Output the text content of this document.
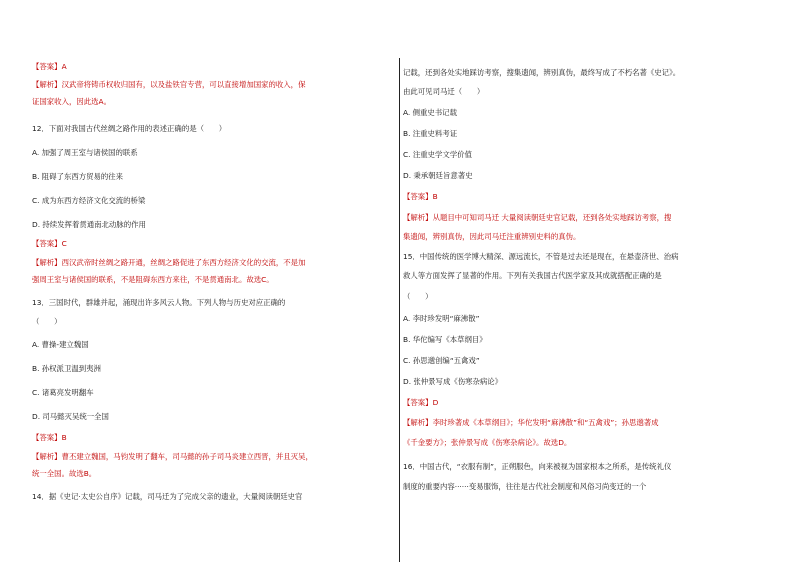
【答案】A
【解析】汉武帝将铸币权收归国有，以及盐铁官专营，可以直接增加国家的收入，保
证国家收入，因此选A。
12．下面对我国古代丝绸之路作用的表述正确的是（　　）
A. 加强了周王室与诸侯国的联系
B. 阻碍了东西方贸易的往来
C. 成为东西方经济文化交流的桥梁
D. 持续发挥着贯通南北动脉的作用
【答案】C
【解析】西汉武帝时丝绸之路开通，丝绸之路促进了东西方经济文化的交流，不是加
强周王室与诸侯国的联系，不是阻碍东西方来往，不是贯通南北。故选C。
13．三国时代，群雄并起，涌现出许多风云人物。下列人物与历史对应正确的
（　　）
A. 曹操-建立魏国
B. 孙权派卫温到夷洲
C. 诸葛亮发明翻车
D. 司马懿灭吴统一全国
【答案】B
【解析】曹丕建立魏国，马钧发明了翻车，司马懿的孙子司马炎建立西晋，并且灭吴，
统一全国。故选B。
14．据《史记·太史公自序》记载，司马迁为了完成父亲的遗业，大量阅读朝廷史官
记载，还到各处实地踩访考察，搜集遗闻，辨别真伪，最终写成了不朽名著《史记》。
由此可见司马迁（　　）
A. 侧重史书记载
B. 注重史料考证
C. 注重史学文学价值
D. 秉承朝廷旨意著史
【答案】B
【解析】从题目中可知司马迁 大量阅读朝廷史官记载，还到各处实地踩访考察，搜
集遗闻，辨别真伪，因此司马迁注重辨别史料的真伪。
15．中国传统的医学博大精深、源远流长，不管是过去还是现在，在悬壶济世、治病
救人等方面发挥了显著的作用。下列有关我国古代医学家及其成就搭配正确的是
（　　）
A. 李时珍发明“麻沸散”
B. 华佗编写《本草纲目》
C. 孙思邈创编“五禽戏”
D. 张仲景写成《伤寒杂病论》
【答案】D
【解析】李时珍著成《本草纲目》；华佗发明“麻沸散”和“五禽戏”；孙思邈著成
《千金要方》；张仲景写成《伤寒杂病论》。故选D。
16．中国古代，“衣服有制”，正朔服色，向来被视为国家根本之所系，是传统礼仪
制度的重要内容······变易服饰，往往是古代社会制度和风俗习尚变迁的一个
